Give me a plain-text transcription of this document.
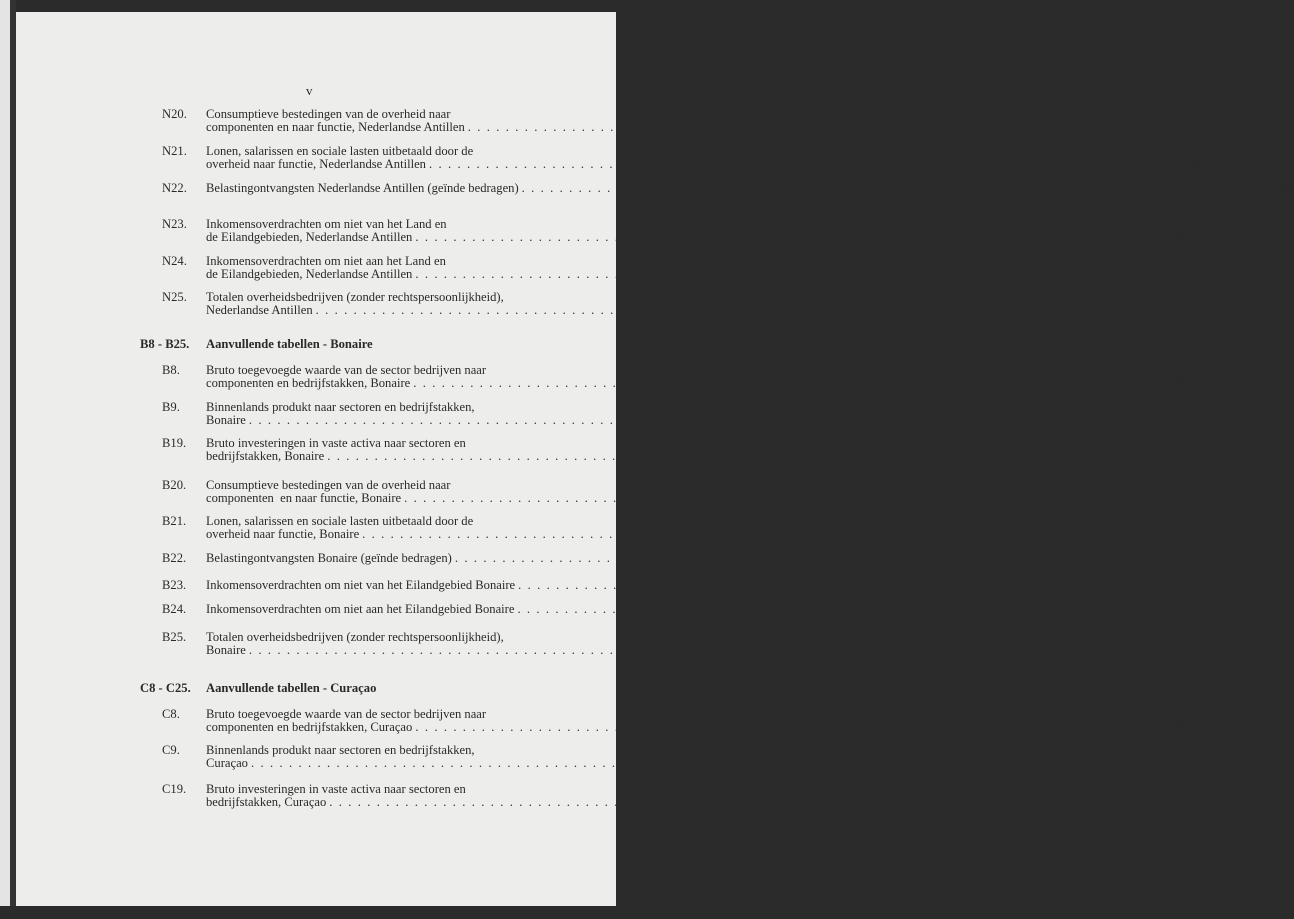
v
N20. Consumptieve bestedingen van de overheid naar
componenten en naar functie, Nederlandse Antillen . . . . . . . . . . . . . . . . . . . . . . . . . . . . . . . . . . . . . . . . . . . . . . . . . . . . . . . . . . . . . . . . . . . . . . . . . . . . . . . . 60
N21. Lonen, salarissen en sociale lasten uitbetaald door de
overheid naar functie, Nederlandse Antillen . . . . . . . . . . . . . . . . . . . . . . . . . . . . . . . . . . . . . . . . . . . . . . . . . . . . . . . . . . . . . . . . . . . . . . . . . . . . . . . . 61
N22. Belastingontvangsten Nederlandse Antillen (geïnde bedragen) . . . . . . . . . . . . . . . . . . . . . . . . . . . . . . . . . . . . . . . . . . . . . . . . . . . . . . . . . . . . . . . . . . . . . . . . . . . . . . . . 62
N23. Inkomensoverdrachten om niet van het Land en
de Eilandgebieden, Nederlandse Antillen . . . . . . . . . . . . . . . . . . . . . . . . . . . . . . . . . . . . . . . . . . . . . . . . . . . . . . . . . . . . . . . . . . . . . . . . . . . . . . . . 63
N24. Inkomensoverdrachten om niet aan het Land en
de Eilandgebieden, Nederlandse Antillen . . . . . . . . . . . . . . . . . . . . . . . . . . . . . . . . . . . . . . . . . . . . . . . . . . . . . . . . . . . . . . . . . . . . . . . . . . . . . . . . 64
N25. Totalen overheidsbedrijven (zonder rechtspersoonlijkheid),
Nederlandse Antillen . . . . . . . . . . . . . . . . . . . . . . . . . . . . . . . . . . . . . . . . . . . . . . . . . . . . . . . . . . . . . . . . . . . . . . . . . . . . . . . . 65
B8 - B25. Aanvullende tabellen - Bonaire
B8. Bruto toegevoegde waarde van de sector bedrijven naar
componenten en bedrijfstakken, Bonaire . . . . . . . . . . . . . . . . . . . . . . . . . . . . . . . . . . . . . . . . . . . . . . . . . . . . . . . . . . . . . . . . . . . . . . . . . . . . . . . . 68
B9. Binnenlands produkt naar sectoren en bedrijfstakken,
Bonaire . . . . . . . . . . . . . . . . . . . . . . . . . . . . . . . . . . . . . . . . . . . . . . . . . . . . . . . . . . . . . . . . . . . . . . . . . . . . . . . . 71
B19. Bruto investeringen in vaste activa naar sectoren en
bedrijfstakken, Bonaire . . . . . . . . . . . . . . . . . . . . . . . . . . . . . . . . . . . . . . . . . . . . . . . . . . . . . . . . . . . . . . . . . . . . . . . . . . . . . . . . 72
B20. Consumptieve bestedingen van de overheid naar
componenten  en naar functie, Bonaire . . . . . . . . . . . . . . . . . . . . . . . . . . . . . . . . . . . . . . . . . . . . . . . . . . . . . . . . . . . . . . . . . . . . . . . . . . . . . . . . 73
B21. Lonen, salarissen en sociale lasten uitbetaald door de
overheid naar functie, Bonaire . . . . . . . . . . . . . . . . . . . . . . . . . . . . . . . . . . . . . . . . . . . . . . . . . . . . . . . . . . . . . . . . . . . . . . . . . . . . . . . . 74
B22. Belastingontvangsten Bonaire (geïnde bedragen) . . . . . . . . . . . . . . . . . . . . . . . . . . . . . . . . . . . . . . . . . . . . . . . . . . . . . . . . . . . . . . . . . . . . . . . . . . . . . . . . 75
B23. Inkomensoverdrachten om niet van het Eilandgebied Bonaire . . . . . . . . . . . . . . . . . . . . . . . . . . . . . . . . . . . . . . . . . . . . . . . . . . . . . . . . . . . . . . . . . . . . . . . . . . . . . . . . 76
B24. Inkomensoverdrachten om niet aan het Eilandgebied Bonaire . . . . . . . . . . . . . . . . . . . . . . . . . . . . . . . . . . . . . . . . . . . . . . . . . . . . . . . . . . . . . . . . . . . . . . . . . . . . . . . . 77
B25. Totalen overheidsbedrijven (zonder rechtspersoonlijkheid),
Bonaire . . . . . . . . . . . . . . . . . . . . . . . . . . . . . . . . . . . . . . . . . . . . . . . . . . . . . . . . . . . . . . . . . . . . . . . . . . . . . . . . 78
C8 - C25. Aanvullende tabellen - Curaçao
C8. Bruto toegevoegde waarde van de sector bedrijven naar
componenten en bedrijfstakken, Curaçao . . . . . . . . . . . . . . . . . . . . . . . . . . . . . . . . . . . . . . . . . . . . . . . . . . . . . . . . . . . . . . . . . . . . . . . . . . . . . . . . 80
C9. Binnenlands produkt naar sectoren en bedrijfstakken,
Curaçao . . . . . . . . . . . . . . . . . . . . . . . . . . . . . . . . . . . . . . . . . . . . . . . . . . . . . . . . . . . . . . . . . . . . . . . . . . . . . . . . 83
C19. Bruto investeringen in vaste activa naar sectoren en
bedrijfstakken, Curaçao . . . . . . . . . . . . . . . . . . . . . . . . . . . . . . . . . . . . . . . . . . . . . . . . . . . . . . . . . . . . . . . . . . . . . . . . . . . . . . . . 84
